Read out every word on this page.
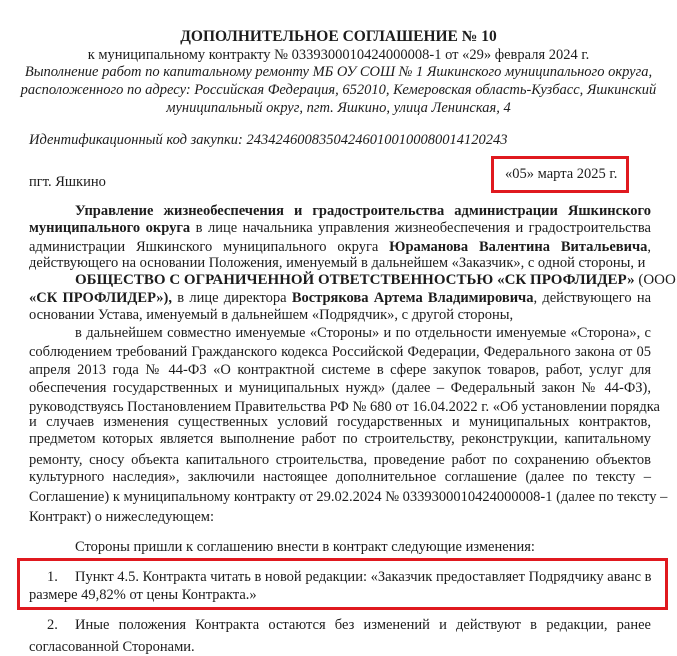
ДОПОЛНИТЕЛЬНОЕ СОГЛАШЕНИЕ № 10
к муниципальному контракту № 0339300010424000008-1 от «29» февраля 2024 г.
Выполнение работ по капитальному ремонту МБ ОУ СОШ № 1 Яшкинского муниципального округа,
расположенного по адресу: Российская Федерация, 652010, Кемеровская область-Кузбасс, Яшкинский
муниципальный округ, пгт. Яшкино, улица Ленинская, 4
Идентификационный код закупки: 243424600835042460100100080014120243
пгт. Яшкино	«05» марта 2025 г.
Управление жизнеобеспечения и градостроительства администрации Яшкинского
муниципального округа в лице начальника управления жизнеобеспечения и градостроительства
администрации Яшкинского муниципального округа Юраманова Валентина Витальевича,
действующего на основании Положения, именуемый в дальнейшем «Заказчик», с одной стороны, и
ОБЩЕСТВО С ОГРАНИЧЕННОЙ ОТВЕТСТВЕННОСТЬЮ «СК ПРОФЛИДЕР» (ООО
«СК ПРОФЛИДЕР»), в лице директора Вострякова Артема Владимировича, действующего на
основании Устава, именуемый в дальнейшем «Подрядчик», с другой стороны,
в дальнейшем совместно именуемые «Стороны» и по отдельности именуемые «Сторона», с
соблюдением требований Гражданского кодекса Российской Федерации, Федерального закона от 05
апреля 2013 года № 44-ФЗ «О контрактной системе в сфере закупок товаров, работ, услуг для
обеспечения государственных и муниципальных нужд» (далее – Федеральный закон № 44-ФЗ),
руководствуясь Постановлением Правительства РФ № 680 от 16.04.2022 г. «Об установлении порядка
и случаев изменения существенных условий государственных и муниципальных контрактов,
предметом которых является выполнение работ по строительству, реконструкции, капитальному
ремонту, сносу объекта капитального строительства, проведение работ по сохранению объектов
культурного наследия», заключили настоящее дополнительное соглашение (далее по тексту –
Соглашение) к муниципальному контракту от 29.02.2024 № 0339300010424000008-1 (далее по тексту –
Контракт) о нижеследующем:
Стороны пришли к соглашению внести в контракт следующие изменения:
1. Пункт 4.5. Контракта читать в новой редакции: «Заказчик предоставляет Подрядчику аванс в
размере 49,82% от цены Контракта.»
2. Иные положения Контракта остаются без изменений и действуют в редакции, ранее
согласованной Сторонами.
